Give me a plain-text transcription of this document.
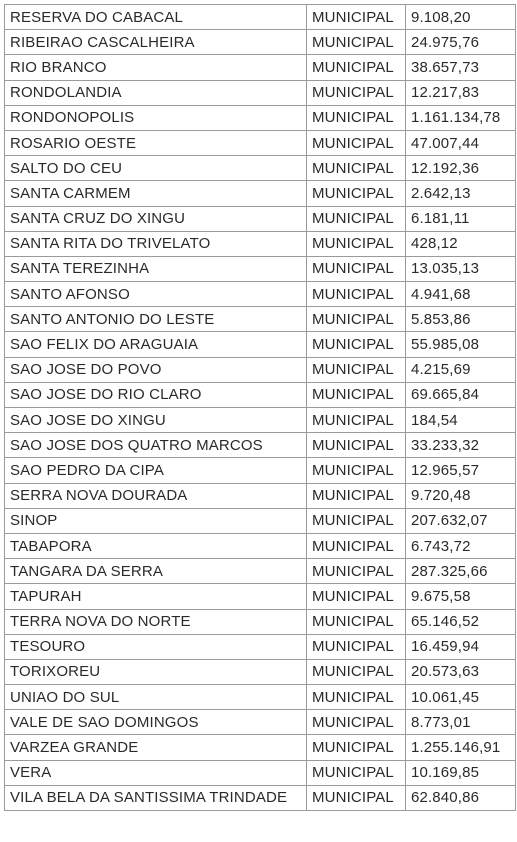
RESERVA DO CABACAL	MUNICIPAL	9.108,20
RIBEIRAO CASCALHEIRA	MUNICIPAL	24.975,76
RIO BRANCO	MUNICIPAL	38.657,73
RONDOLANDIA	MUNICIPAL	12.217,83
RONDONOPOLIS	MUNICIPAL	1.161.134,78
ROSARIO OESTE	MUNICIPAL	47.007,44
SALTO DO CEU	MUNICIPAL	12.192,36
SANTA CARMEM	MUNICIPAL	2.642,13
SANTA CRUZ DO XINGU	MUNICIPAL	6.181,11
SANTA RITA DO TRIVELATO	MUNICIPAL	428,12
SANTA TEREZINHA	MUNICIPAL	13.035,13
SANTO AFONSO	MUNICIPAL	4.941,68
SANTO ANTONIO DO LESTE	MUNICIPAL	5.853,86
SAO FELIX DO ARAGUAIA	MUNICIPAL	55.985,08
SAO JOSE DO POVO	MUNICIPAL	4.215,69
SAO JOSE DO RIO CLARO	MUNICIPAL	69.665,84
SAO JOSE DO XINGU	MUNICIPAL	184,54
SAO JOSE DOS QUATRO MARCOS	MUNICIPAL	33.233,32
SAO PEDRO DA CIPA	MUNICIPAL	12.965,57
SERRA NOVA DOURADA	MUNICIPAL	9.720,48
SINOP	MUNICIPAL	207.632,07
TABAPORA	MUNICIPAL	6.743,72
TANGARA DA SERRA	MUNICIPAL	287.325,66
TAPURAH	MUNICIPAL	9.675,58
TERRA NOVA DO NORTE	MUNICIPAL	65.146,52
TESOURO	MUNICIPAL	16.459,94
TORIXOREU	MUNICIPAL	20.573,63
UNIAO DO SUL	MUNICIPAL	10.061,45
VALE DE SAO DOMINGOS	MUNICIPAL	8.773,01
VARZEA GRANDE	MUNICIPAL	1.255.146,91
VERA	MUNICIPAL	10.169,85
VILA BELA DA SANTISSIMA TRINDADE	MUNICIPAL	62.840,86
